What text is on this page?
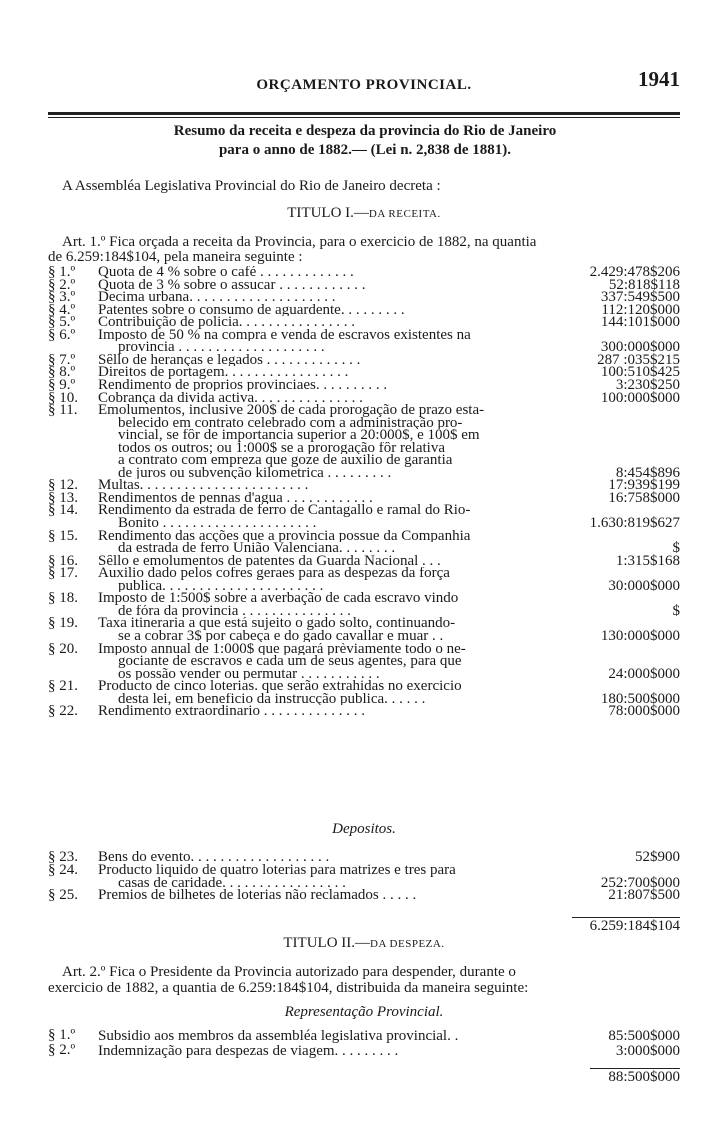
ORÇAMENTO PROVINCIAL.	1941
Resumo da receita e despeza da provincia do Rio de Janeiro
para o anno de 1882.— (Lei n. 2,838 de 1881).
A Assembléa Legislativa Provincial do Rio de Janeiro decreta :
TITULO I.—DA RECEITA.
Art. 1.º Fica orçada a receita da Provincia, para o exercicio de 1882, na quantia
de 6.259:184$104, pela maneira seguinte :
§ 1.º	Quota de 4 % sobre o café . . . . . . . . . . . . .	2.429:478$206
§ 2.º	Quota de 3 % sobre o assucar . . . . . . . . . . . .	52:818$118
§ 3.º	Decima urbana. . . . . . . . . . . . . . . . . . . .	337:549$500
§ 4.º	Patentes sobre o consumo de aguardente. . . . . . . . .	112:120$000
§ 5.º	Contribuição de policia. . . . . . . . . . . . . . . .	144:101$000
§ 6.º	Imposto de 50 % na compra e venda de escravos existentes na
provincia . . . . . . . . . . . . . . . . . . . .	300:000$000
§ 7.º	Sêllo de heranças e legados . . . . . . . . . . . . .	287 :035$215
§ 8.º	Direitos de portagem. . . . . . . . . . . . . . . . .	100:510$425
§ 9.º	Rendimento de proprios provinciaes. . . . . . . . . .	3:230$250
§ 10.	Cobrança da divida activa. . . . . . . . . . . . . . .	100:000$000
§ 11.	Emolumentos, inclusive 200$ de cada prorogação de prazo esta-
belecido em contrato celebrado com a administração pro-
vincial, se fôr de importancia superior a 20:000$, e 100$ em
todos os outros; ou 1:000$ se a prorogação fôr relativa
a contrato com empreza que goze de auxilio de garantia
de juros ou subvenção kilometrica . . . . . . . . .	8:454$896
§ 12.	Multas. . . . . . . . . . . . . . . . . . . . . . .	17:939$199
§ 13.	Rendimentos de pennas d'agua . . . . . . . . . . . .	16:758$000
§ 14.	Rendimento da estrada de ferro de Cantagallo e ramal do Rio-
Bonito . . . . . . . . . . . . . . . . . . . . .	1.630:819$627
§ 15.	Rendimento das acções que a provincia possue da Companhia
da estrada de ferro União Valenciana. . . . . . . .	$
§ 16.	Sêllo e emolumentos de patentes da Guarda Nacional . . .	1:315$168
§ 17.	Auxilio dado pelos cofres geraes para as despezas da força
publica. . . . . . . . . . . . . . . . . . . . . .	30:000$000
§ 18.	Imposto de 1:500$ sobre a averbação de cada escravo vindo
de fóra da provincia . . . . . . . . . . . . . . .	$
§ 19.	Taxa itineraria a que está sujeito o gado solto, continuando-
se a cobrar 3$ por cabeça e do gado cavallar e muar . .	130:000$000
§ 20.	Imposto annual de 1:000$ que pagará prèviamente todo o ne-
gociante de escravos e cada um de seus agentes, para que
os possão vender ou permutar . . . . . . . . . . .	24:000$000
§ 21.	Producto de cinco loterias. que serão extrahidas no exercicio
desta lei, em beneficio da instrucção publica. . . . . .	180:500$000
§ 22.	Rendimento extraordinario . . . . . . . . . . . . . .	78:000$000
Depositos.
§ 23.	Bens do evento. . . . . . . . . . . . . . . . . . .	52$900
§ 24.	Producto liquido de quatro loterias para matrizes e tres para
casas de caridade. . . . . . . . . . . . . . . . .	252:700$000
§ 25.	Premios de bilhetes de loterias não reclamados . . . . .	21:807$500
6.259:184$104
TITULO II.—DA DESPEZA.
Art. 2.º Fica o Presidente da Provincia autorizado para despender, durante o
exercicio de 1882, a quantia de 6.259:184$104, distribuida da maneira seguinte:
Representação Provincial.
§ 1.º	Subsidio aos membros da assembléa legislativa provincial. .	85:500$000
§ 2.º	Indemnização para despezas de viagem. . . . . . . . .	3:000$000
88:500$000
